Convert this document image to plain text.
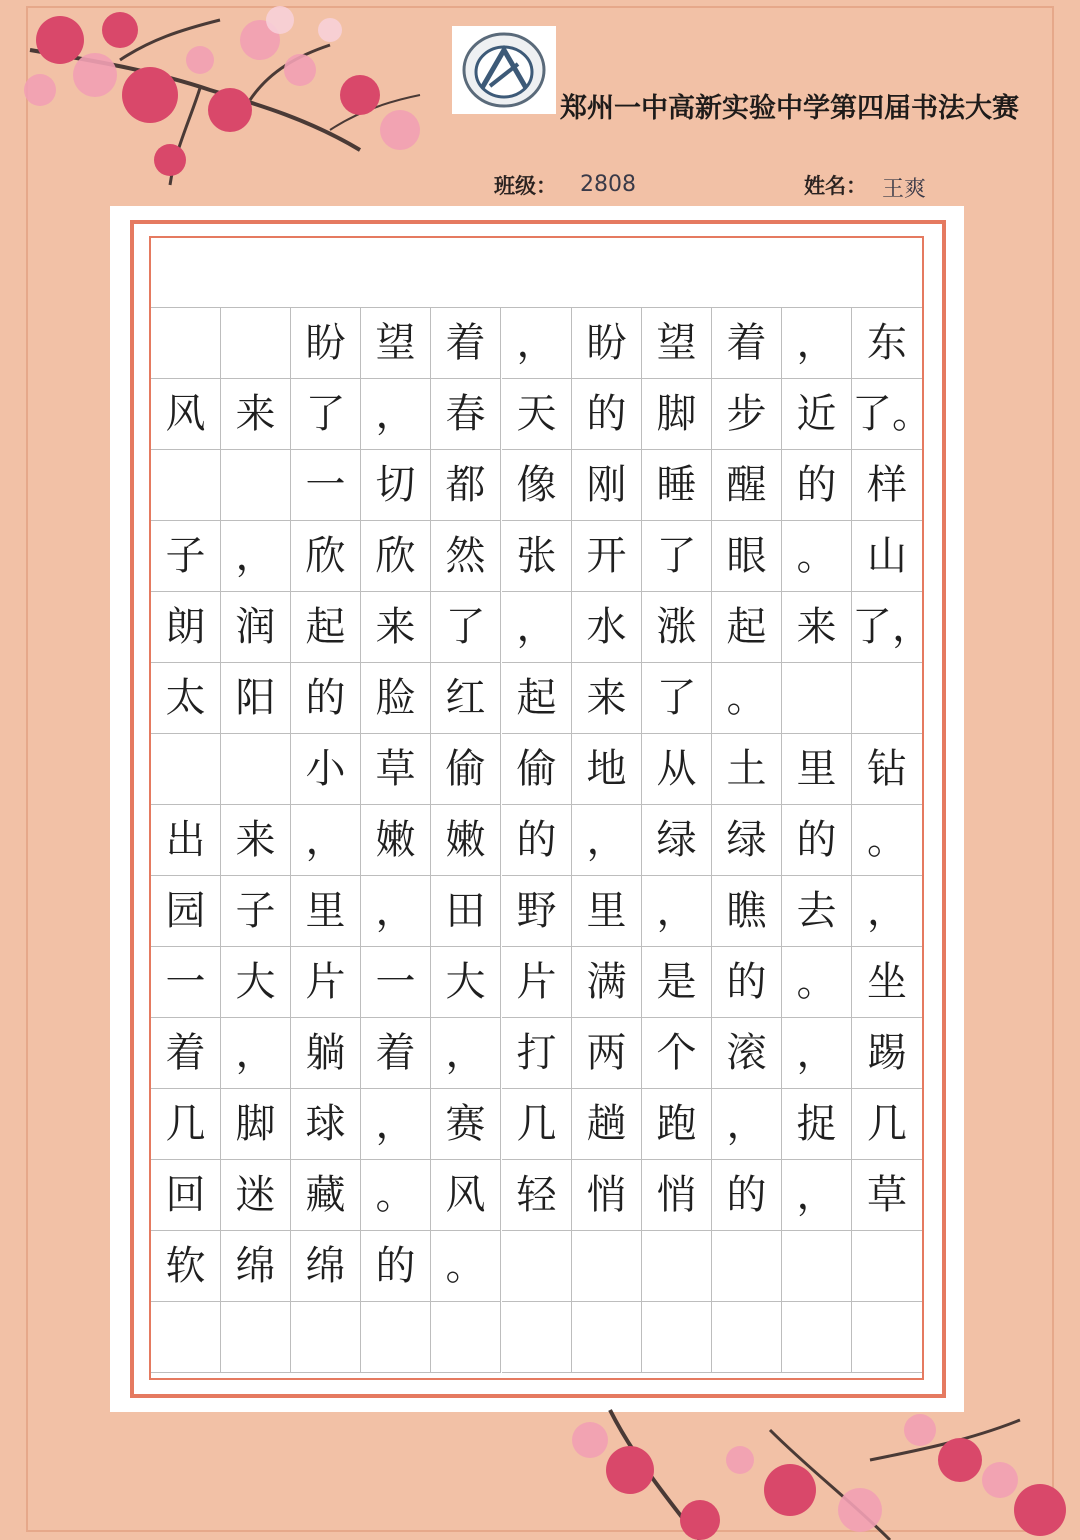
郑州一中高新实验中学第四届书法大赛
班级： 2808	姓名： 王爽
盼 望 着 ， 盼 望 着 ， 东
风 来 了 ， 春 天 的 脚 步 近 了。
一 切 都 像 刚 睡 醒 的 样
子 ， 欣 欣 然 张 开 了 眼 。 山
朗 润 起 来 了 ， 水 涨 起 来 了，
太 阳 的 脸 红 起 来 了 。
小 草 偷 偷 地 从 土 里 钻
出 来 ， 嫩 嫩 的 ， 绿 绿 的 。
园 子 里 ， 田 野 里 ， 瞧 去 ，
一 大 片 一 大 片 满 是 的 。 坐
着 ， 躺 着 ， 打 两 个 滚 ， 踢
几 脚 球 ， 赛 几 趟 跑 ， 捉 几
回 迷 藏 。 风 轻 悄 悄 的 ， 草
软 绵 绵 的 。
